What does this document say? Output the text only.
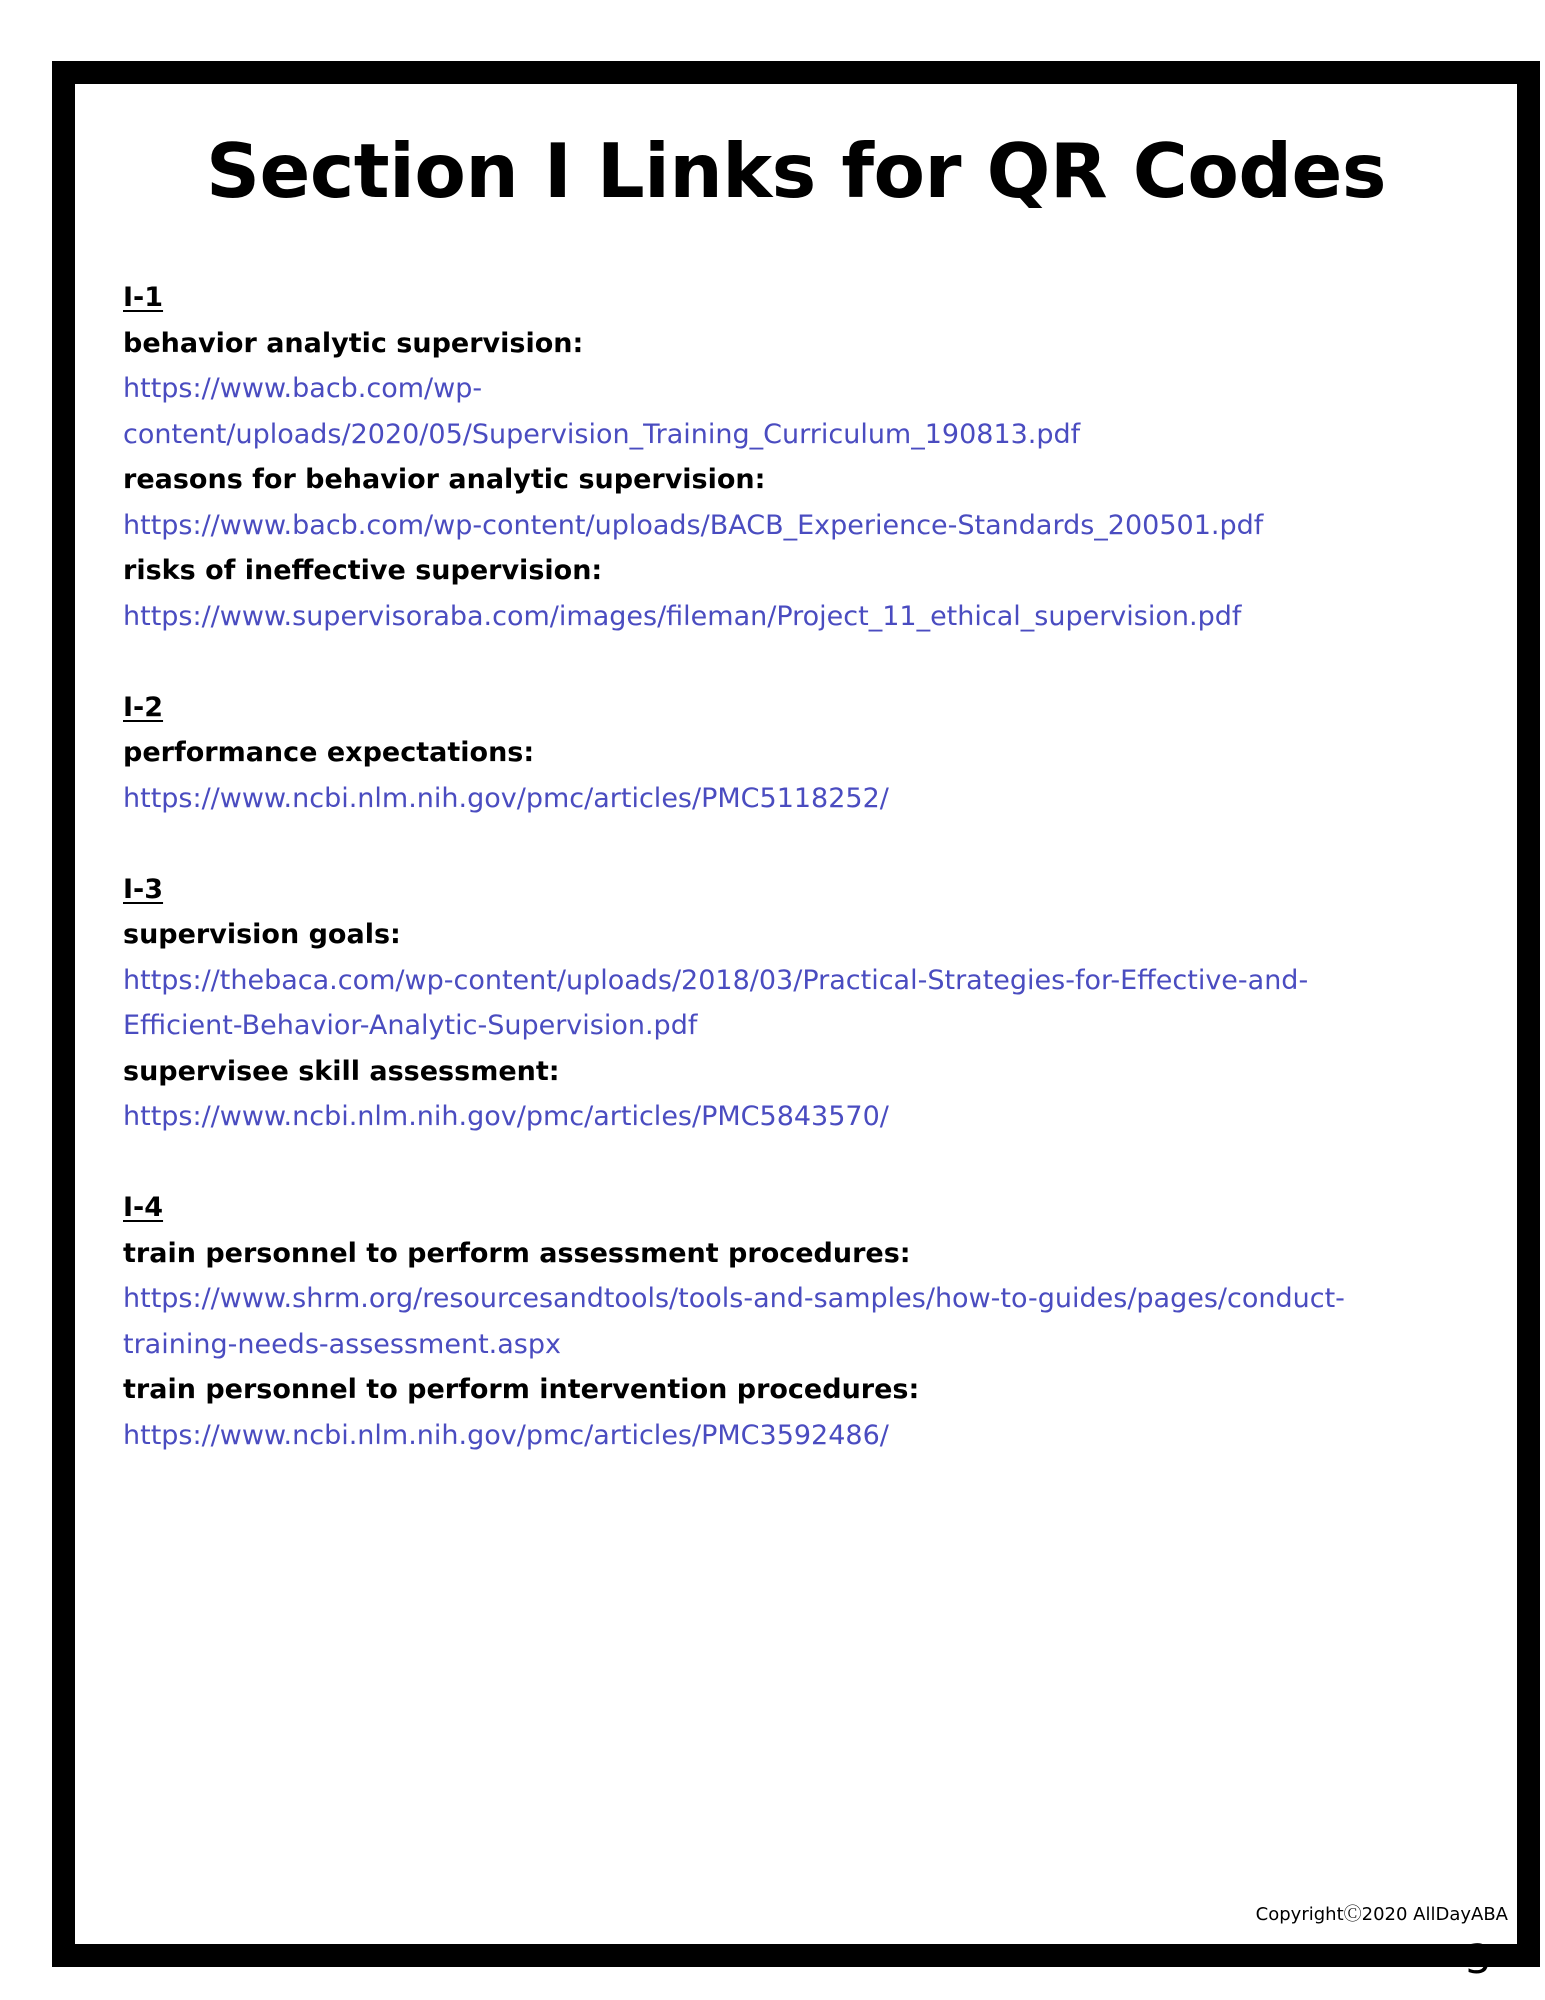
Section I Links for QR Codes
I-1
behavior analytic supervision:
https://www.bacb.com/wp-
content/uploads/2020/05/Supervision_Training_Curriculum_190813.pdf
reasons for behavior analytic supervision:
https://www.bacb.com/wp-content/uploads/BACB_Experience-Standards_200501.pdf
risks of ineffective supervision:
https://www.supervisoraba.com/images/fileman/Project_11_ethical_supervision.pdf
I-2
performance expectations:
https://www.ncbi.nlm.nih.gov/pmc/articles/PMC5118252/
I-3
supervision goals:
https://thebaca.com/wp-content/uploads/2018/03/Practical-Strategies-for-Effective-and-
Efficient-Behavior-Analytic-Supervision.pdf
supervisee skill assessment:
https://www.ncbi.nlm.nih.gov/pmc/articles/PMC5843570/
I-4
train personnel to perform assessment procedures:
https://www.shrm.org/resourcesandtools/tools-and-samples/how-to-guides/pages/conduct-
training-needs-assessment.aspx
train personnel to perform intervention procedures:
https://www.ncbi.nlm.nih.gov/pmc/articles/PMC3592486/
CopyrightⒸ2020 AllDayABA
3
